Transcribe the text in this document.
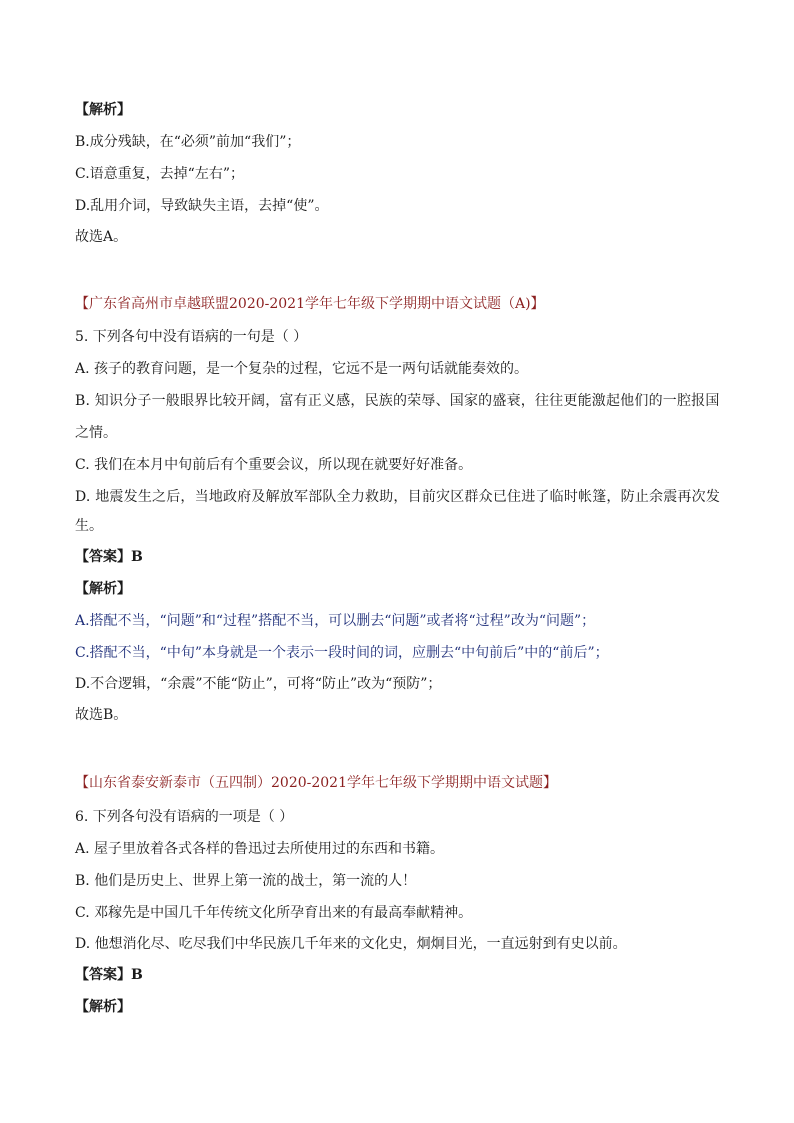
【解析】
B.成分残缺，在“必须”前加“我们”；
C.语意重复，去掉“左右”；
D.乱用介词，导致缺失主语，去掉“使”。
故选A。
【广东省高州市卓越联盟2020-2021学年七年级下学期期中语文试题（A)】
5. 下列各句中没有语病的一句是（ ）
A. 孩子的教育问题，是一个复杂的过程，它远不是一两句话就能奏效的。
B. 知识分子一般眼界比较开阔，富有正义感，民族的荣辱、国家的盛衰，往往更能激起他们的一腔报国
之情。
C. 我们在本月中旬前后有个重要会议，所以现在就要好好准备。
D. 地震发生之后，当地政府及解放军部队全力救助，目前灾区群众已住进了临时帐篷，防止余震再次发
生。
【答案】B
【解析】
A.搭配不当，“问题”和“过程”搭配不当，可以删去“问题”或者将“过程”改为“问题”；
C.搭配不当，“中旬”本身就是一个表示一段时间的词，应删去“中旬前后”中的“前后”；
D.不合逻辑，“余震”不能“防止”，可将“防止”改为“预防”；
故选B。
【山东省泰安新泰市（五四制）2020-2021学年七年级下学期期中语文试题】
6. 下列各句没有语病的一项是（ ）
A. 屋子里放着各式各样的鲁迅过去所使用过的东西和书籍。
B. 他们是历史上、世界上第一流的战士，第一流的人！
C. 邓稼先是中国几千年传统文化所孕育出来的有最高奉献精神。
D. 他想消化尽、吃尽我们中华民族几千年来的文化史，炯炯目光，一直远射到有史以前。
【答案】B
【解析】
